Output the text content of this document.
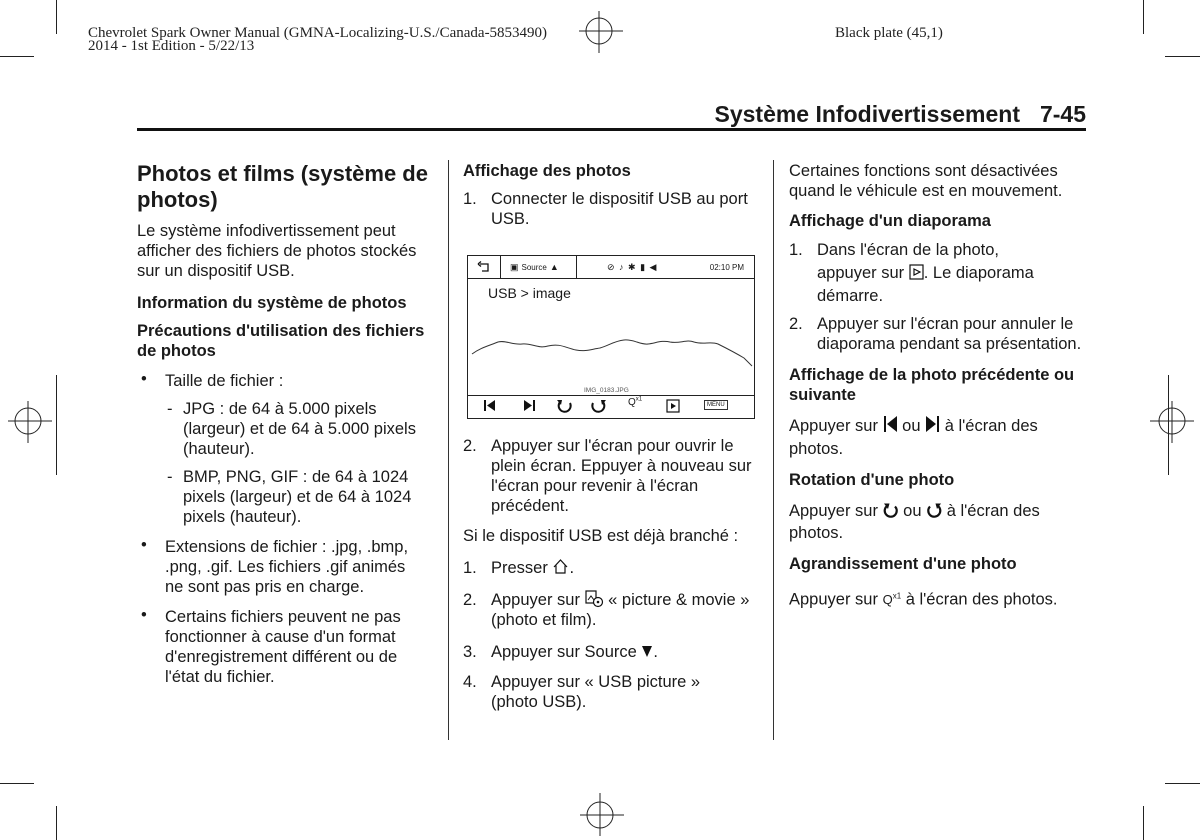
Chevrolet Spark Owner Manual (GMNA-Localizing-U.S./Canada-5853490)
2014 - 1st Edition - 5/22/13
Black plate (45,1)
Système Infodivertissement 7-45

Photos et films (système de photos)

Le système infodivertissement peut afficher des fichiers de photos stockés sur un dispositif USB.

Information du système de photos

Précautions d'utilisation des fichiers de photos

• Taille de fichier :
- JPG : de 64 à 5.000 pixels (largeur) et de 64 à 5.000 pixels (hauteur).
- BMP, PNG, GIF : de 64 à 1024 pixels (largeur) et de 64 à 1024 pixels (hauteur).
• Extensions de fichier : .jpg, .bmp, .png, .gif. Les fichiers .gif animés ne sont pas pris en charge.
• Certains fichiers peuvent ne pas fonctionner à cause d'un format d'enregistrement différent ou de l'état du fichier.

Affichage des photos

1. Connecter le dispositif USB au port USB.
▣ Source ▲	⊘ ♪ ✱ ▮ ◀	02:10 PM
USB > image
IMG_0183.JPG
$Q^{x1}$
MENU
2. Appuyer sur l'écran pour ouvrir le plein écran. Eppuyer à nouveau sur l'écran pour revenir à l'écran précédent.

Si le dispositif USB est déjà branché :

1. Presser .
2. Appuyer sur « picture & movie » (photo et film).
3. Appuyer sur Source .
4. Appuyer sur « USB picture » (photo USB).

Certaines fonctions sont désactivées quand le véhicule est en mouvement.

Affichage d'un diaporama

1. Dans l'écran de la photo, appuyer sur . Le diaporama démarre.
2. Appuyer sur l'écran pour annuler le diaporama pendant sa présentation.

Affichage de la photo précédente ou suivante

Appuyer sur ou à l'écran des photos.

Rotation d'une photo

Appuyer sur ou à l'écran des photos.

Agrandissement d'une photo

Appuyer sur $Q^{x1}$ à l'écran des photos.
